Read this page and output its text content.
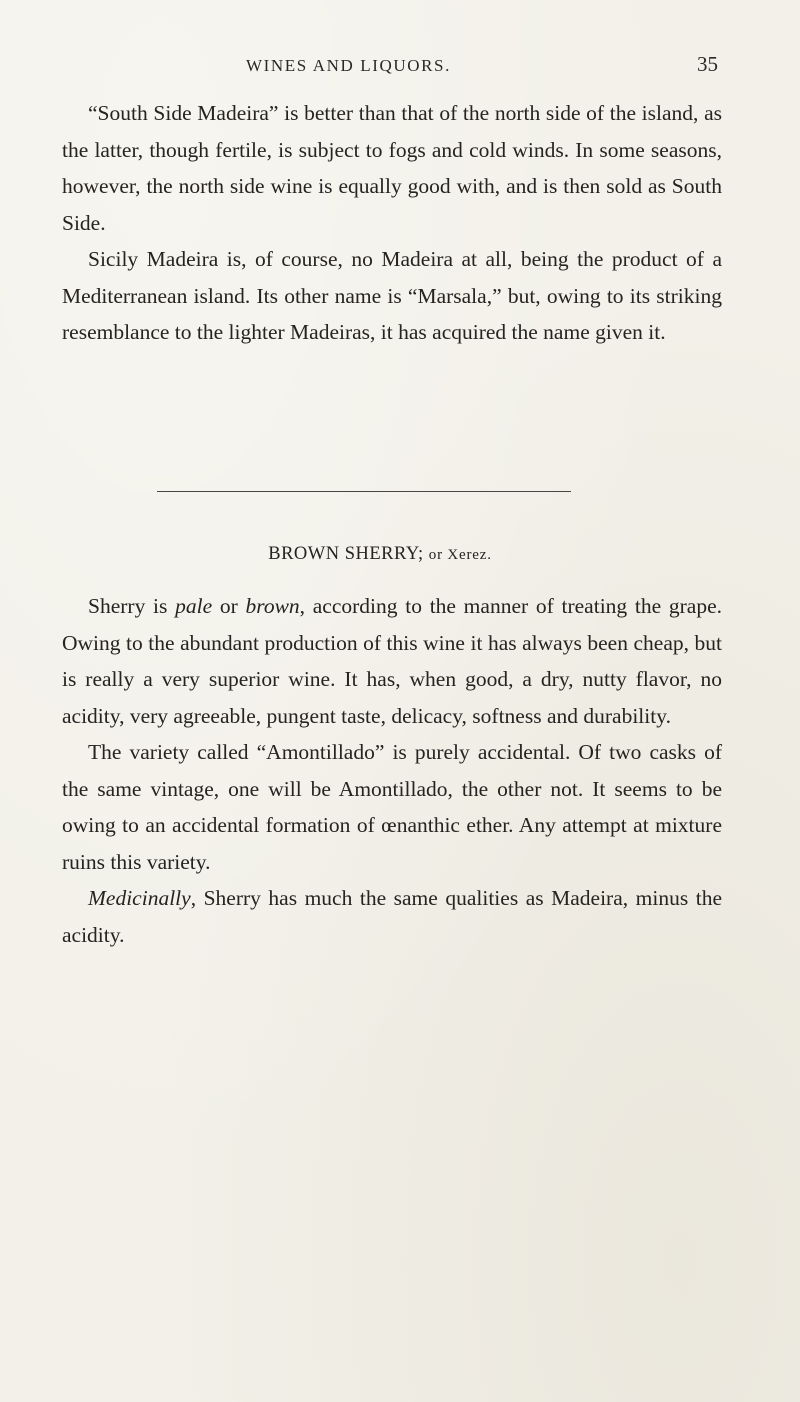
WINES AND LIQUORS.	35

“South Side Madeira” is better than that of the north side of the island, as the latter, though fertile, is subject to fogs and cold winds. In some seasons, however, the north side wine is equally good with, and is then sold as South Side.

Sicily Madeira is, of course, no Madeira at all, being the product of a Mediterranean island. Its other name is “Marsala,” but, owing to its striking resemblance to the lighter Madeiras, it has acquired the name given it.

BROWN SHERRY; or Xerez.

Sherry is pale or brown, according to the manner of treating the grape. Owing to the abundant production of this wine it has always been cheap, but is really a very superior wine. It has, when good, a dry, nutty flavor, no acidity, very agreeable, pungent taste, delicacy, softness and durability.

The variety called “Amontillado” is purely accidental. Of two casks of the same vintage, one will be Amontillado, the other not. It seems to be owing to an accidental formation of œnanthic ether. Any attempt at mixture ruins this variety.

Medicinally, Sherry has much the same qualities as Madeira, minus the acidity.
